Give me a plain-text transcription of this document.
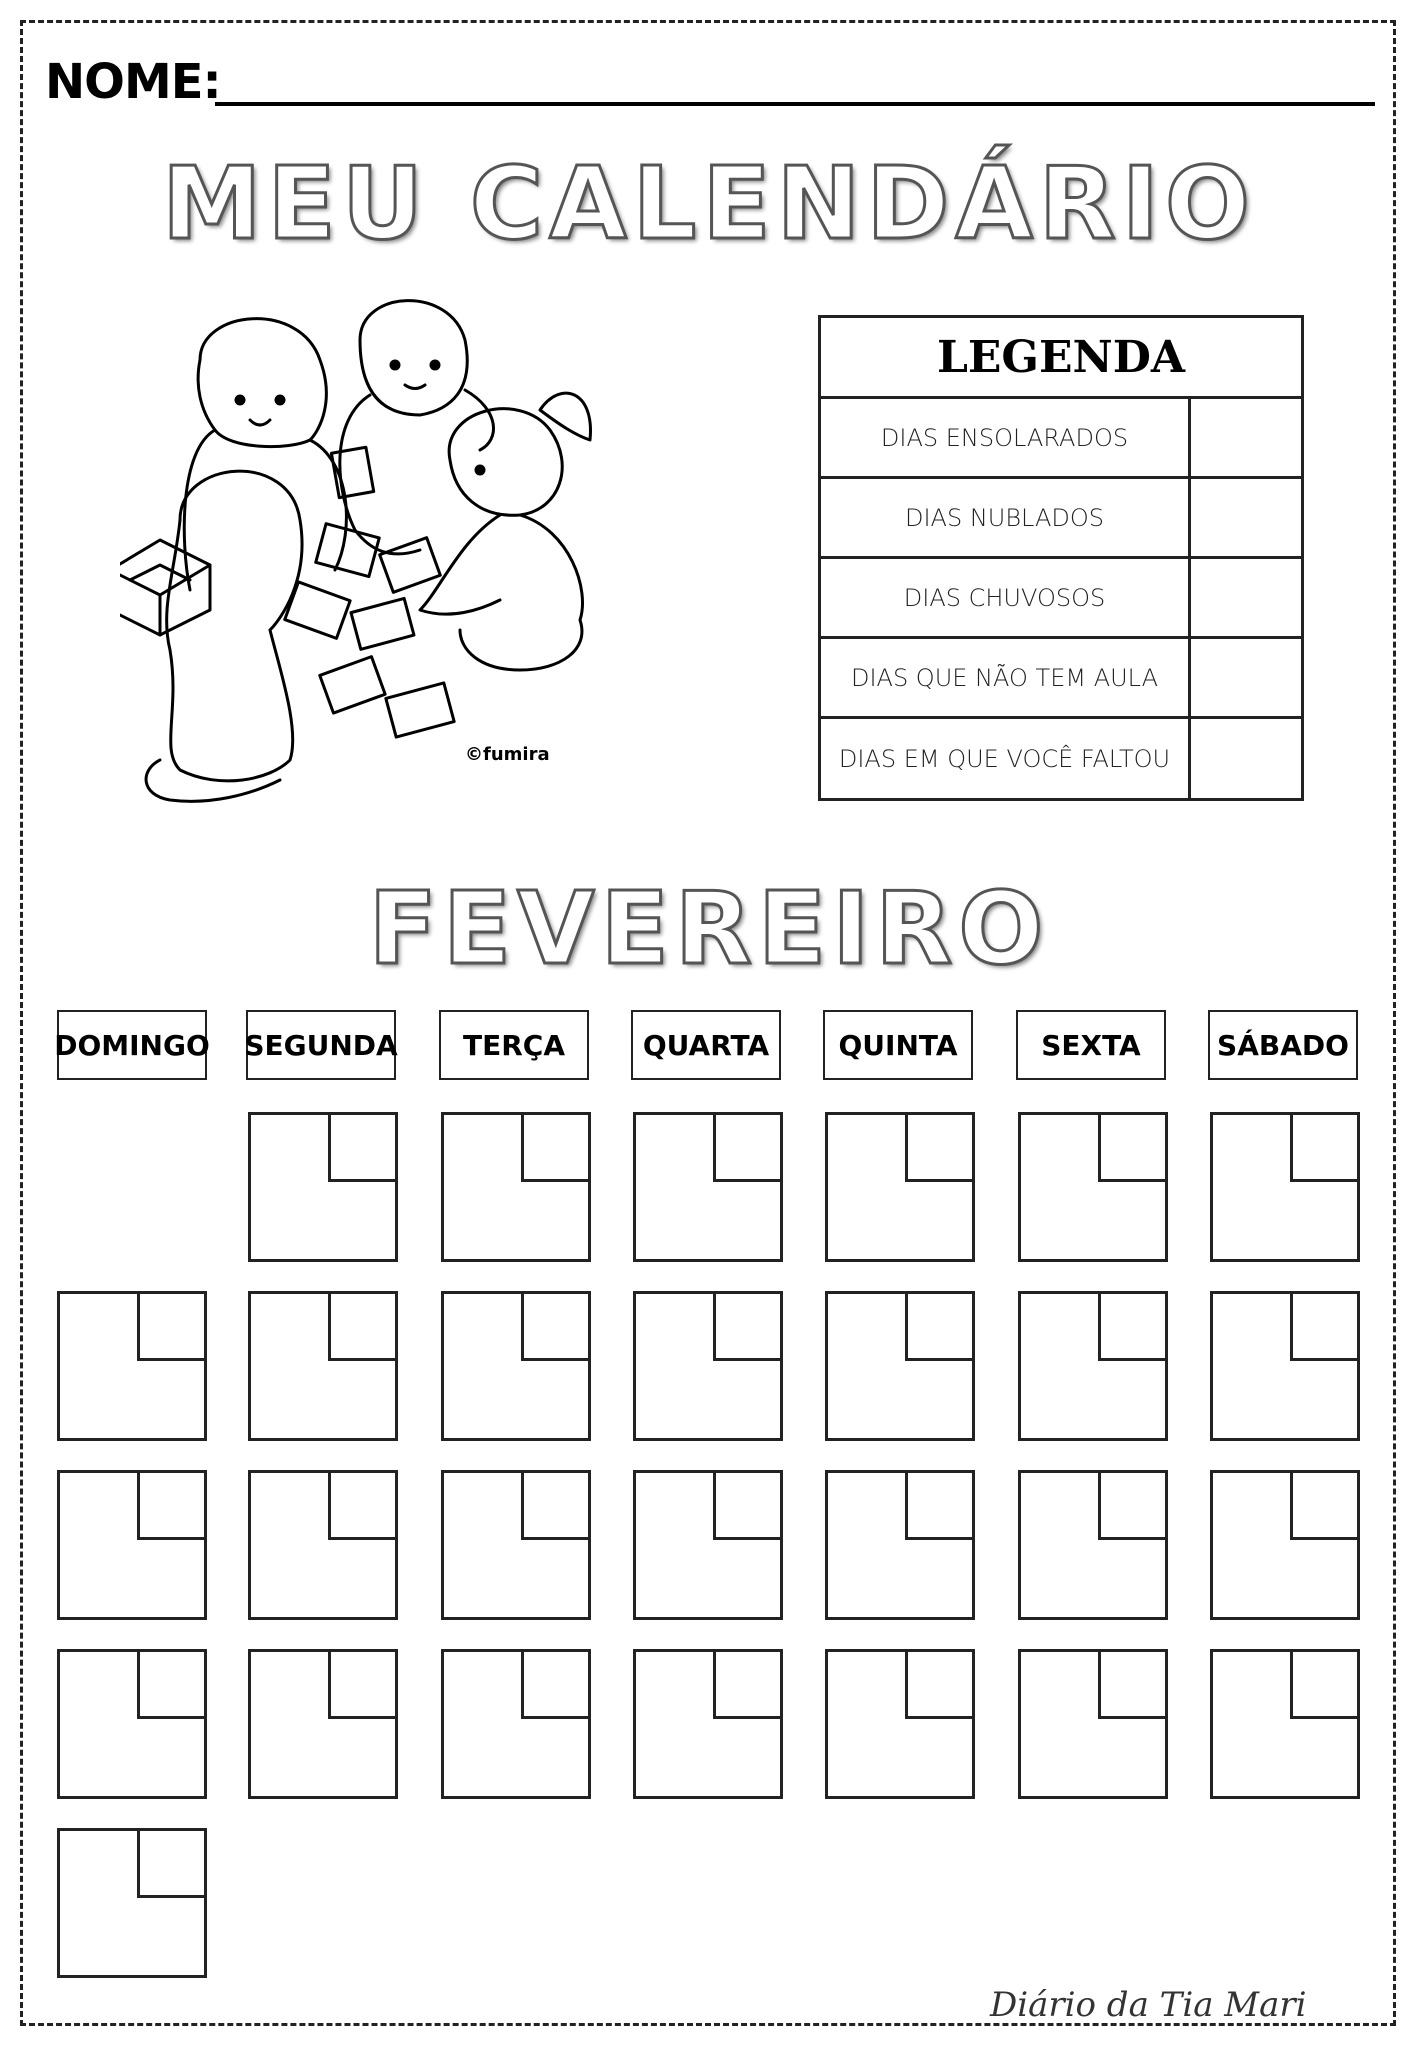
NOME:
MEU CALENDÁRIO
©fumira
LEGENDA
DIAS ENSOLARADOS
DIAS NUBLADOS
DIAS CHUVOSOS
DIAS QUE NÃO TEM AULA
DIAS EM QUE VOCÊ FALTOU
FEVEREIRO
DOMINGO SEGUNDA	TERÇA	QUARTA	QUINTA	SEXTA	SÁBADO
Diário da Tia Mari
